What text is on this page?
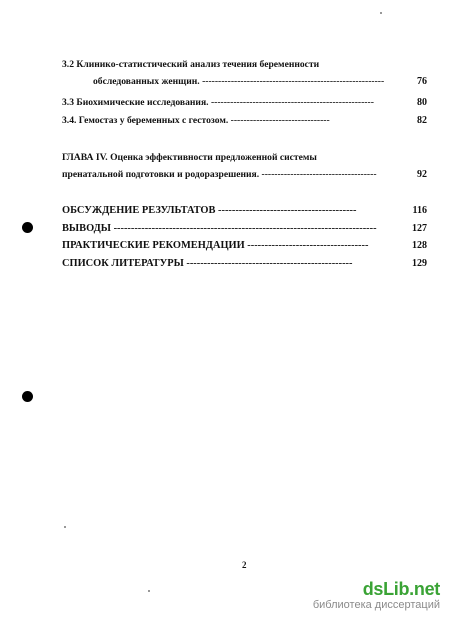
3.2 Клинико-статистический анализ течения беременности
обследованных женщин. ---------------------------------------------------------	76
3.3 Биохимические исследования. ---------------------------------------------------	80
3.4. Гемостаз у беременных с гестозом. -------------------------------	82
ГЛАВА IV. Оценка эффективности предложенной системы
пренатальной подготовки и родоразрешения. ------------------------------------	92
ОБСУЖДЕНИЕ РЕЗУЛЬТАТОВ ----------------------------------------	116
ВЫВОДЫ ----------------------------------------------------------------------------	127
ПРАКТИЧЕСКИЕ РЕКОМЕНДАЦИИ -----------------------------------	128
СПИСОК ЛИТЕРАТУРЫ ------------------------------------------------	129
2
dsLib.net
библиотека диссертаций
